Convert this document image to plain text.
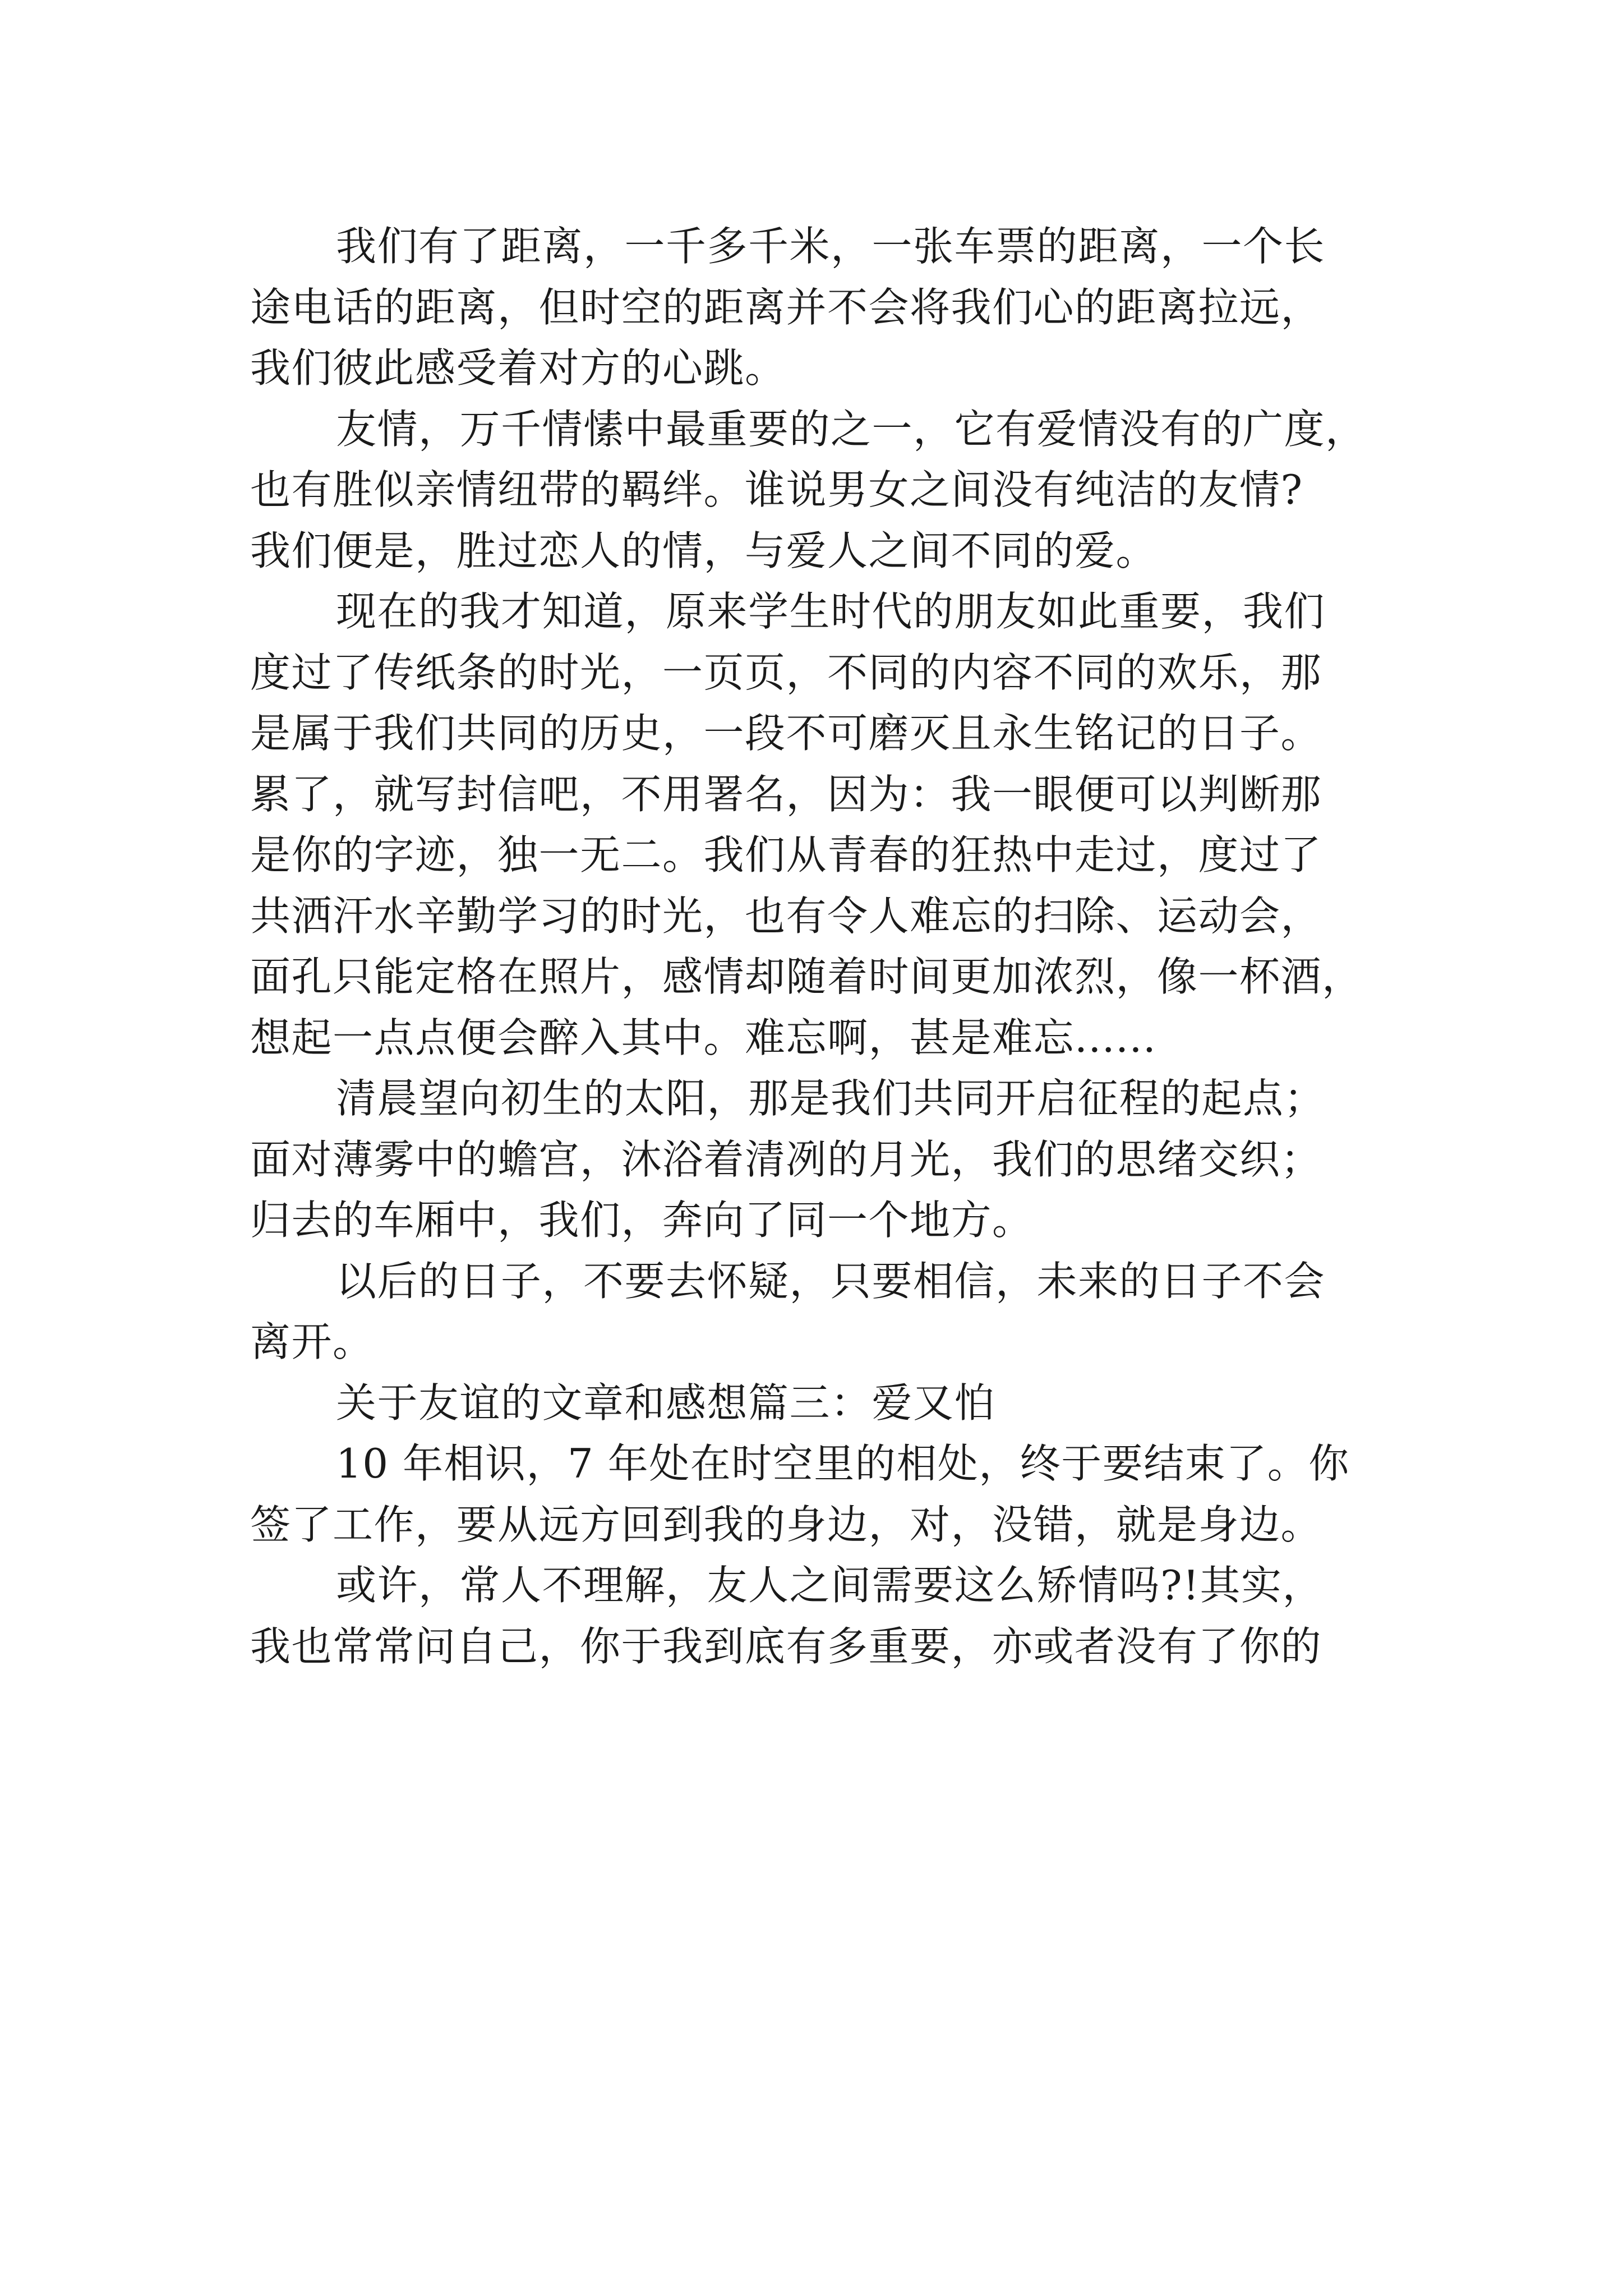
我们有了距离，一千多千米，一张车票的距离，一个长
途电话的距离，但时空的距离并不会将我们心的距离拉远，
我们彼此感受着对方的心跳。
友情，万千情愫中最重要的之一，它有爱情没有的广度，
也有胜似亲情纽带的羁绊。谁说男女之间没有纯洁的友情?
我们便是，胜过恋人的情，与爱人之间不同的爱。
现在的我才知道，原来学生时代的朋友如此重要，我们
度过了传纸条的时光，一页页，不同的内容不同的欢乐，那
是属于我们共同的历史，一段不可磨灭且永生铭记的日子。
累了，就写封信吧，不用署名，因为：我一眼便可以判断那
是你的字迹，独一无二。我们从青春的狂热中走过，度过了
共洒汗水辛勤学习的时光，也有令人难忘的扫除、运动会，
面孔只能定格在照片，感情却随着时间更加浓烈，像一杯酒，
想起一点点便会醉入其中。难忘啊，甚是难忘......
清晨望向初生的太阳，那是我们共同开启征程的起点；
面对薄雾中的蟾宫，沐浴着清冽的月光，我们的思绪交织；
归去的车厢中，我们，奔向了同一个地方。
以后的日子，不要去怀疑，只要相信，未来的日子不会
离开。
关于友谊的文章和感想篇三：爱又怕
10 年相识，7 年处在时空里的相处，终于要结束了。你
签了工作，要从远方回到我的身边，对，没错，就是身边。
或许，常人不理解，友人之间需要这么矫情吗?!其实，
我也常常问自己，你于我到底有多重要，亦或者没有了你的
